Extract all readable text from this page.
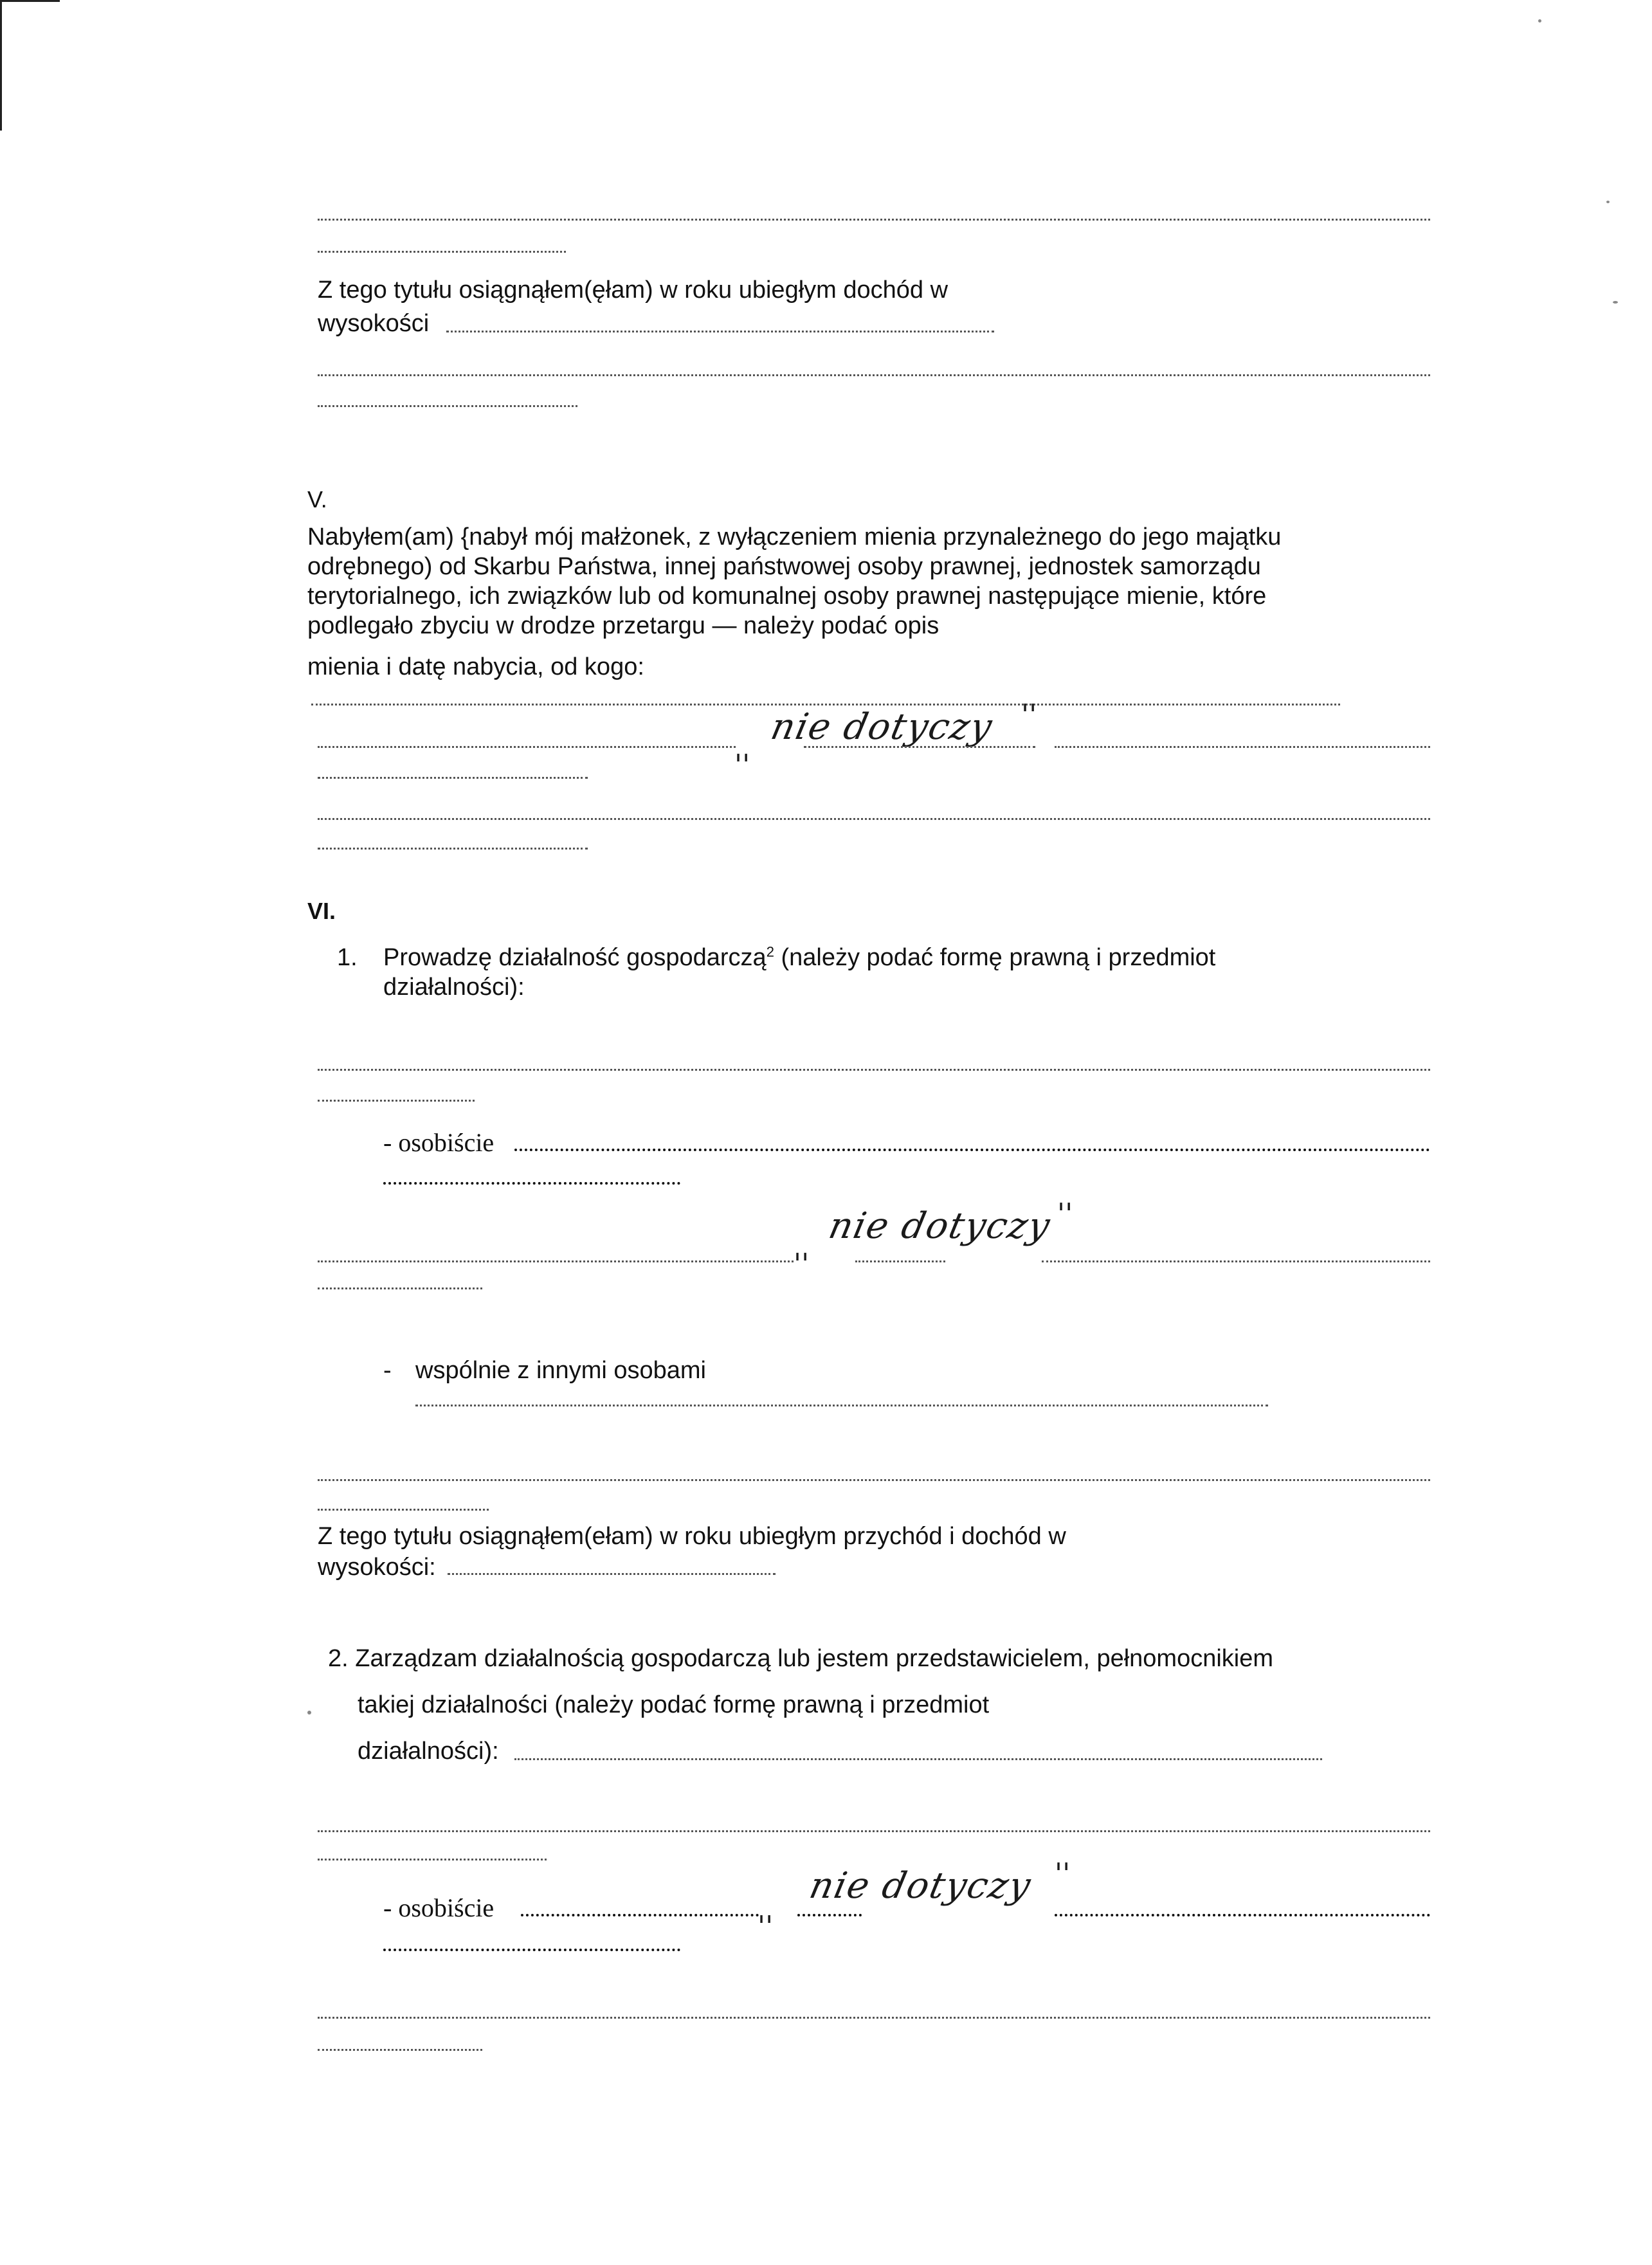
Z tego tytułu osiągnąłem(ęłam) w roku ubiegłym dochód w
wysokości
V.
Nabyłem(am) {nabył mój małżonek, z wyłączeniem mienia przynależnego do jego majątku
odrębnego) od Skarbu Państwa, innej państwowej osoby prawnej, jednostek samorządu
terytorialnego, ich związków lub od komunalnej osoby prawnej następujące mienie, które
podlegało zbyciu w drodze przetargu — należy podać opis
mienia i datę nabycia, od kogo:
''
nie dotyczy ''
VI.
1. Prowadzę działalność gospodarczą$^2$ (należy podać formę prawną i przedmiot
działalności):
- osobiście
''
nie dotyczy ''
- wspólnie z innymi osobami
Z tego tytułu osiągnąłem(ełam) w roku ubiegłym przychód i dochód w
wysokości:
2. Zarządzam działalnością gospodarczą lub jestem przedstawicielem, pełnomocnikiem
takiej działalności (należy podać formę prawną i przedmiot
działalności):
- osobiście
''
nie dotyczy ''
